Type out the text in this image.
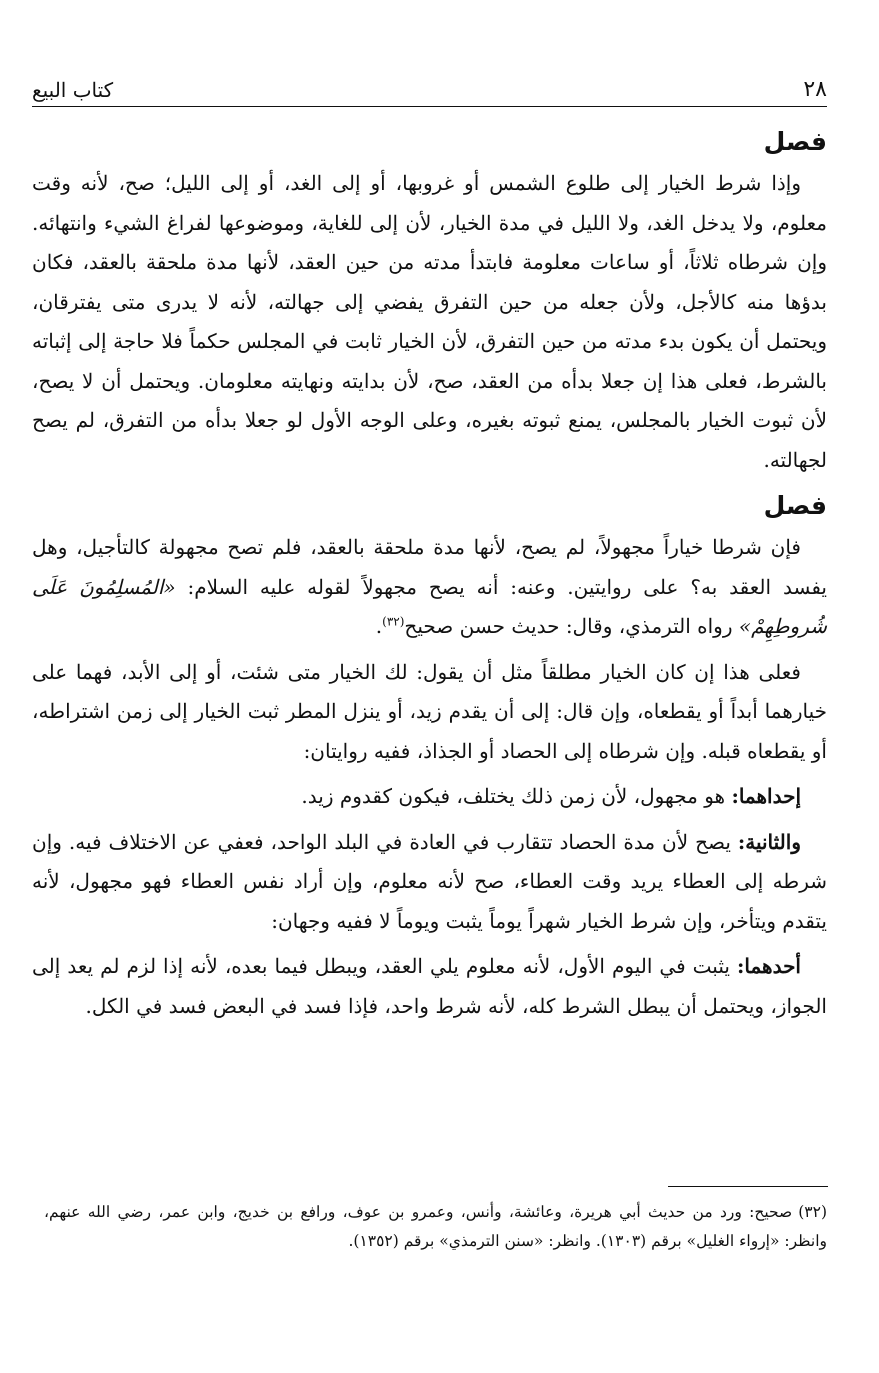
٢٨
كتاب البيع
فصل

وإذا شرط الخيار إلى طلوع الشمس أو غروبها، أو إلى الغد، أو إلى الليل؛ صح، لأنه وقت معلوم، ولا يدخل الغد، ولا الليل في مدة الخيار، لأن إلى للغاية، وموضوعها لفراغ الشيء وانتهائه. وإن شرطاه ثلاثاً، أو ساعات معلومة فابتدأ مدته من حين العقد، لأنها مدة ملحقة بالعقد، فكان بدؤها منه كالأجل، ولأن جعله من حين التفرق يفضي إلى جهالته، لأنه لا يدرى متى يفترقان، ويحتمل أن يكون بدء مدته من حين التفرق، لأن الخيار ثابت في المجلس حكماً فلا حاجة إلى إثباته بالشرط، فعلى هذا إن جعلا بدأه من العقد، صح، لأن بدايته ونهايته معلومان. ويحتمل أن لا يصح، لأن ثبوت الخيار بالمجلس، يمنع ثبوته بغيره، وعلى الوجه الأول لو جعلا بدأه من التفرق، لم يصح لجهالته.

فصل

فإن شرطا خياراً مجهولاً، لم يصح، لأنها مدة ملحقة بالعقد، فلم تصح مجهولة كالتأجيل، وهل يفسد العقد به؟ على روايتين. وعنه: أنه يصح مجهولاً لقوله عليه السلام: «المُسلِمُونَ عَلَى شُروطِهِمْ» رواه الترمذي، وقال: حديث حسن صحيح$^{(٣٢)}$.

فعلى هذا إن كان الخيار مطلقاً مثل أن يقول: لك الخيار متى شئت، أو إلى الأبد، فهما على خيارهما أبداً أو يقطعاه، وإن قال: إلى أن يقدم زيد، أو ينزل المطر ثبت الخيار إلى زمن اشتراطه، أو يقطعاه قبله. وإن شرطاه إلى الحصاد أو الجذاذ، ففيه روايتان:

إحداهما: هو مجهول، لأن زمن ذلك يختلف، فيكون كقدوم زيد.

والثانية: يصح لأن مدة الحصاد تتقارب في العادة في البلد الواحد، فعفي عن الاختلاف فيه. وإن شرطه إلى العطاء يريد وقت العطاء، صح لأنه معلوم، وإن أراد نفس العطاء فهو مجهول، لأنه يتقدم ويتأخر، وإن شرط الخيار شهراً يوماً يثبت ويوماً لا ففيه وجهان:

أحدهما: يثبت في اليوم الأول، لأنه معلوم يلي العقد، ويبطل فيما بعده، لأنه إذا لزم لم يعد إلى الجواز، ويحتمل أن يبطل الشرط كله، لأنه شرط واحد، فإذا فسد في البعض فسد في الكل.

(٣٢)صحيح: ورد من حديث أبي هريرة، وعائشة، وأنس، وعمرو بن عوف، ورافع بن خديج، وابن عمر، رضي الله عنهم، وانظر: «إرواء الغليل» برقم (١٣٠٣). وانظر: «سنن الترمذي» برقم (١٣٥٢).
